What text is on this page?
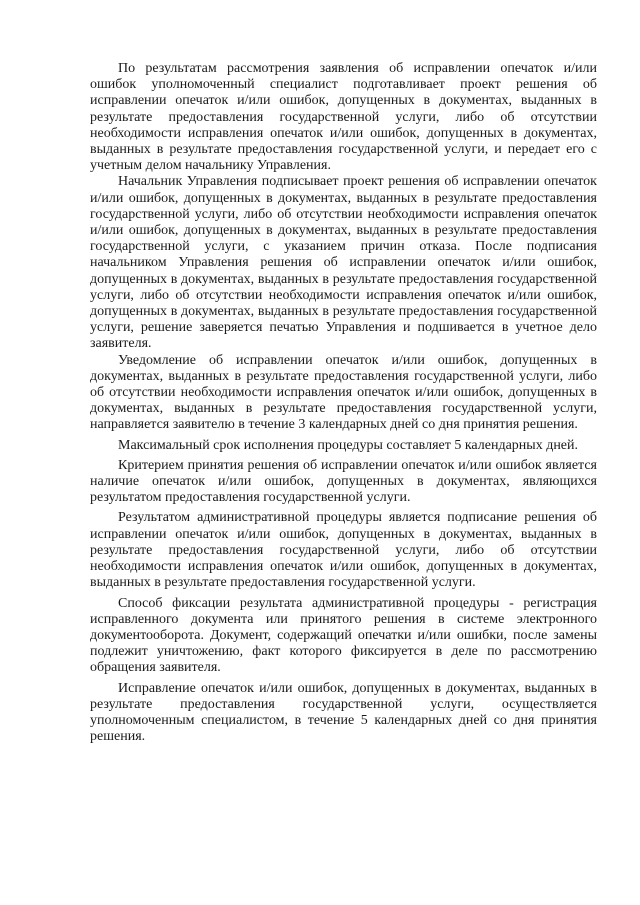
По результатам рассмотрения заявления об исправлении опечаток и/или ошибок уполномоченный специалист подготавливает проект решения об исправлении опечаток и/или ошибок, допущенных в документах, выданных в результате предоставления государственной услуги, либо об отсутствии необходимости исправления опечаток и/или ошибок, допущенных в документах, выданных в результате предоставления государственной услуги, и передает его с учетным делом начальнику Управления.

Начальник Управления подписывает проект решения об исправлении опечаток и/или ошибок, допущенных в документах, выданных в результате предоставления государственной услуги, либо об отсутствии необходимости исправления опечаток и/или ошибок, допущенных в документах, выданных в результате предоставления государственной услуги, с указанием причин отказа. После подписания начальником Управления решения об исправлении опечаток и/или ошибок, допущенных в документах, выданных в результате предоставления государственной услуги, либо об отсутствии необходимости исправления опечаток и/или ошибок, допущенных в документах, выданных в результате предоставления государственной услуги, решение заверяется печатью Управления и подшивается в учетное дело заявителя.

Уведомление об исправлении опечаток и/или ошибок, допущенных в документах, выданных в результате предоставления государственной услуги, либо об отсутствии необходимости исправления опечаток и/или ошибок, допущенных в документах, выданных в результате предоставления государственной услуги, направляется заявителю в течение 3 календарных дней со дня принятия решения.

Максимальный срок исполнения процедуры составляет 5 календарных дней.

Критерием принятия решения об исправлении опечаток и/или ошибок является наличие опечаток и/или ошибок, допущенных в документах, являющихся результатом предоставления государственной услуги.

Результатом административной процедуры является подписание решения об исправлении опечаток и/или ошибок, допущенных в документах, выданных в результате предоставления государственной услуги, либо об отсутствии необходимости исправления опечаток и/или ошибок, допущенных в документах, выданных в результате предоставления государственной услуги.

Способ фиксации результата административной процедуры - регистрация исправленного документа или принятого решения в системе электронного документооборота. Документ, содержащий опечатки и/или ошибки, после замены подлежит уничтожению, факт которого фиксируется в деле по рассмотрению обращения заявителя.

Исправление опечаток и/или ошибок, допущенных в документах, выданных в результате предоставления государственной услуги, осуществляется уполномоченным специалистом, в течение 5 календарных дней со дня принятия решения.
